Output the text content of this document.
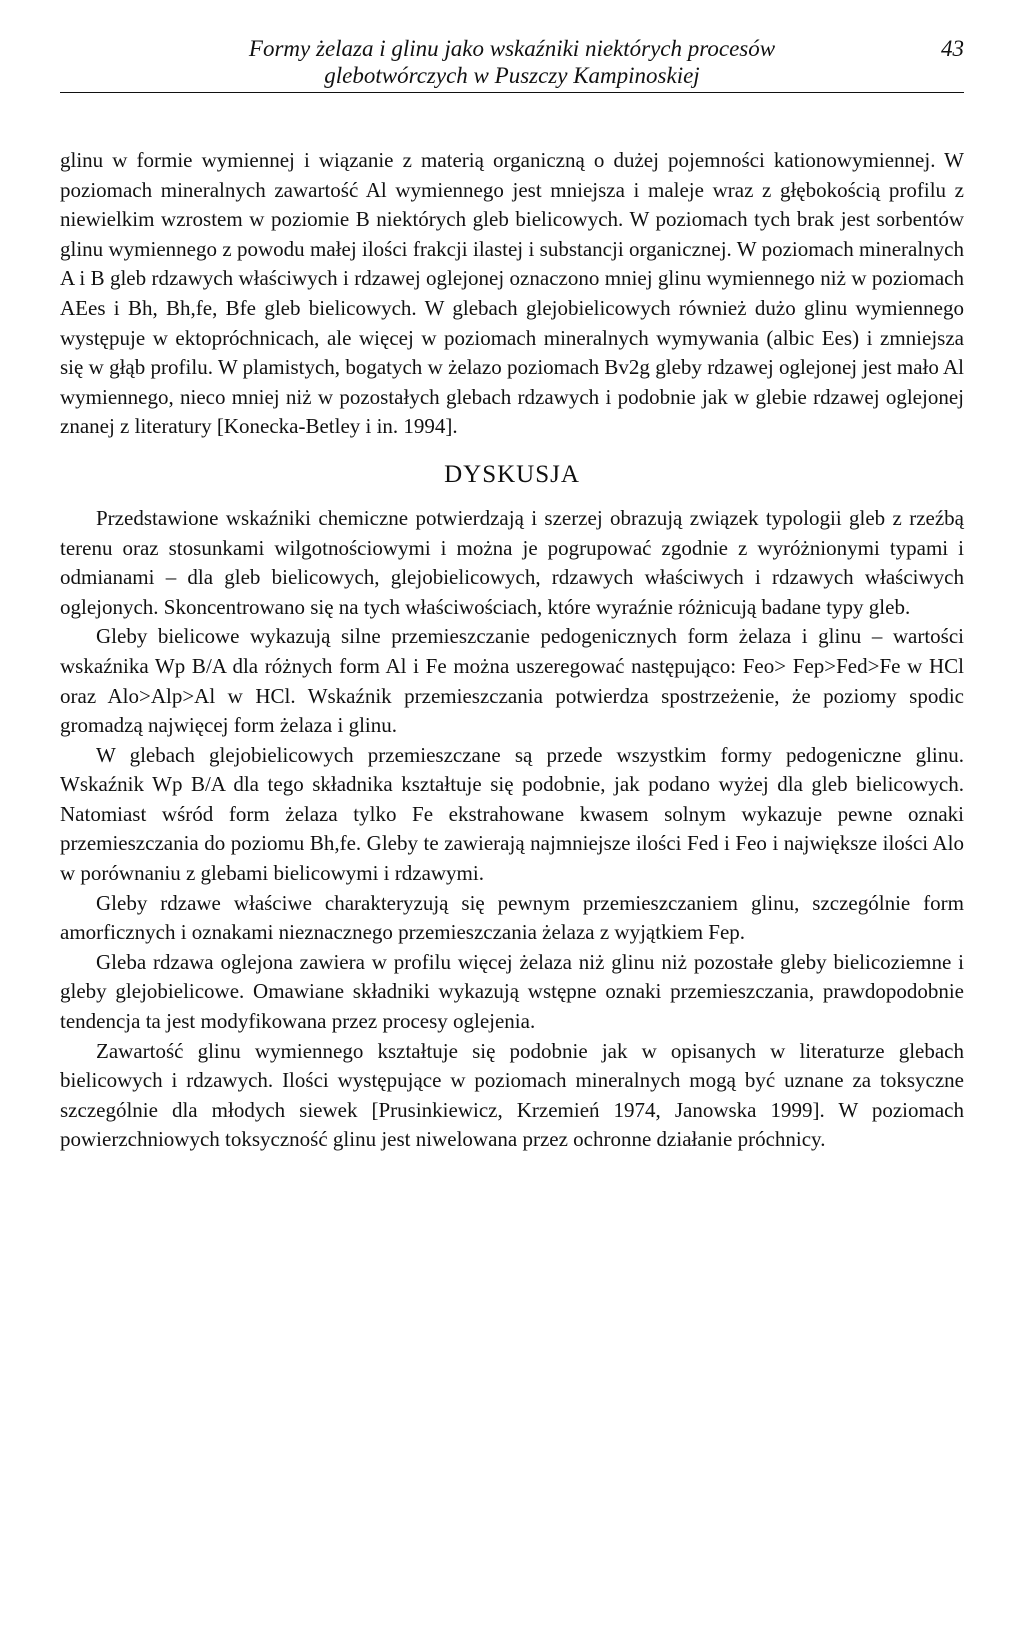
Formy żelaza i glinu jako wskaźniki niektórych procesów
glebotwórczych w Puszczy Kampinoskiej
43

glinu w formie wymiennej i wiązanie z materią organiczną o dużej pojemności kationowymiennej. W poziomach mineralnych zawartość Al wymiennego jest mniejsza i maleje wraz z głębokością profilu z niewielkim wzrostem w poziomie B niektórych gleb bielicowych. W poziomach tych brak jest sorbentów glinu wymiennego z powodu małej ilości frakcji ilastej i substancji organicznej. W poziomach mineralnych A i B gleb rdzawych właściwych i rdzawej oglejonej oznaczono mniej glinu wymiennego niż w poziomach AEes i Bh, Bh,fe, Bfe gleb bielicowych. W glebach glejobielicowych również dużo glinu wymiennego występuje w ektopróchnicach, ale więcej w poziomach mineralnych wymywania (albic Ees) i zmniejsza się w głąb profilu. W plamistych, bogatych w żelazo poziomach Bv2g gleby rdzawej oglejonej jest mało Al wymiennego, nieco mniej niż w pozostałych glebach rdzawych i podobnie jak w glebie rdzawej oglejonej znanej z literatury [Konecka-Betley i in. 1994].

DYSKUSJA

Przedstawione wskaźniki chemiczne potwierdzają i szerzej obrazują związek typologii gleb z rzeźbą terenu oraz stosunkami wilgotnościowymi i można je pogrupować zgodnie z wyróżnionymi typami i odmianami – dla gleb bielicowych, glejobielicowych, rdzawych właściwych i rdzawych właściwych oglejonych. Skoncentrowano się na tych właściwościach, które wyraźnie różnicują badane typy gleb.

Gleby bielicowe wykazują silne przemieszczanie pedogenicznych form żelaza i glinu – wartości wskaźnika Wp B/A dla różnych form Al i Fe można uszeregować następująco: Feo> Fep>Fed>Fe w HCl oraz Alo>Alp>Al w HCl. Wskaźnik przemieszczania potwierdza spostrzeżenie, że poziomy spodic gromadzą najwięcej form żelaza i glinu.

W glebach glejobielicowych przemieszczane są przede wszystkim formy pedogeniczne glinu. Wskaźnik Wp B/A dla tego składnika kształtuje się podobnie, jak podano wyżej dla gleb bielicowych. Natomiast wśród form żelaza tylko Fe ekstrahowane kwasem solnym wykazuje pewne oznaki przemieszczania do poziomu Bh,fe. Gleby te zawierają najmniejsze ilości Fed i Feo i największe ilości Alo w porównaniu z glebami bielicowymi i rdzawymi.

Gleby rdzawe właściwe charakteryzują się pewnym przemieszczaniem glinu, szczególnie form amorficznych i oznakami nieznacznego przemieszczania żelaza z wyjątkiem Fep.

Gleba rdzawa oglejona zawiera w profilu więcej żelaza niż glinu niż pozostałe gleby bielicoziemne i gleby glejobielicowe. Omawiane składniki wykazują wstępne oznaki przemieszczania, prawdopodobnie tendencja ta jest modyfikowana przez procesy oglejenia.

Zawartość glinu wymiennego kształtuje się podobnie jak w opisanych w literaturze glebach bielicowych i rdzawych. Ilości występujące w poziomach mineralnych mogą być uznane za toksyczne szczególnie dla młodych siewek [Prusinkiewicz, Krzemień 1974, Janowska 1999]. W poziomach powierzchniowych toksyczność glinu jest niwelowana przez ochronne działanie próchnicy.
